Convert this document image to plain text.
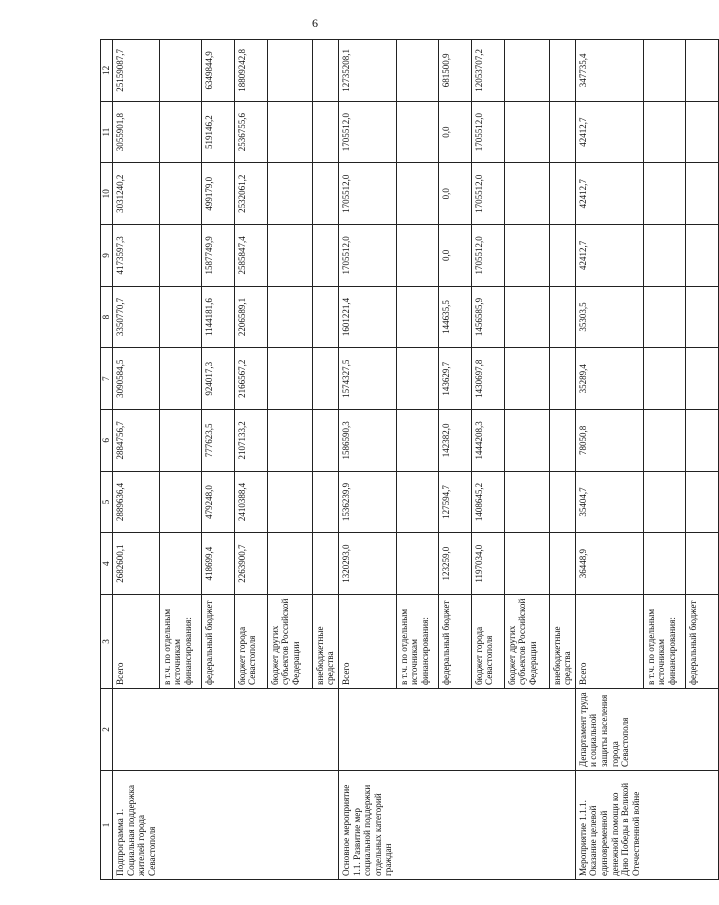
6
1	2	3	4	5	6	7	8	9	10	11	12
Подпрограмма 1. Социальная поддержка жителей города Севастополя		Всего	2682600,1	2889636,4	2884756,7	3090584,5	3350770,7	4173597,3	3031240,2	3055901,8	25159087,7
		в т.ч. по отдельным источникам финансирования:									
		федеральный бюджет	418699,4	479248,0	777623,5	924017,3	1144181,6	1587749,9	499179,0	519146,2	6349844,9
		бюджет города Севастополя	2263900,7	2410388,4	2107133,2	2166567,2	2206589,1	2585847,4	2532061,2	2536755,6	18809242,8
		бюджет других субъектов Российской Федерации									
		внебюджетные средства									
Основное мероприятие 1.1. Развитие мер социальной поддержки отдельных категорий граждан		Всего	1320293,0	1536239,9	1586590,3	1574327,5	1601221,4	1705512,0	1705512,0	1705512,0	12735208,1
		в т.ч. по отдельным источникам финансирования:									
		федеральный бюджет	123259,0	127594,7	142382,0	143629,7	144635,5	0,0	0,0	0,0	681500,9
		бюджет города Севастополя	1197034,0	1408645,2	1444208,3	1430697,8	1456585,9	1705512,0	1705512,0	1705512,0	12053707,2
		бюджет других субъектов Российской Федерации									
		внебюджетные средства									
Мероприятие 1.1.1. Оказание целевой единовременной денежной помощи ко Дню Победы в Великой Отечественной войне	Департамент труда и социальной защиты населения города Севастополя	Всего	36448,9	35404,7	78050,8	35289,4	35303,5	42412,7	42412,7	42412,7	347735,4
		в т.ч. по отдельным источникам финансирования:									
		федеральный бюджет									
